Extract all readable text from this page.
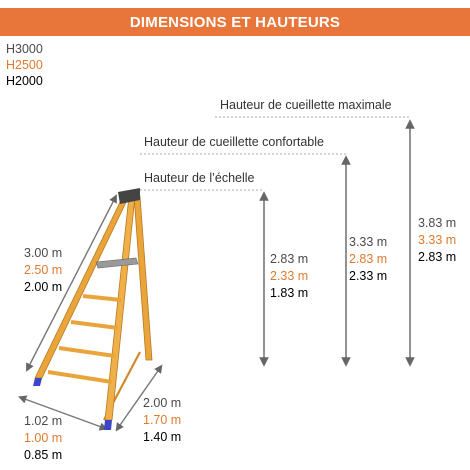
DIMENSIONS ET HAUTEURS
H3000
H2500
H2000
Hauteur de cueillette maximale
Hauteur de cueillette confortable
Hauteur de l’échelle
3.83 m
3.33 m
2.83 m
3.33 m
2.83 m
2.33 m
2.83 m
2.33 m
1.83 m
3.00 m
2.50 m
2.00 m
2.00 m
1.70 m
1.40 m
1.02 m
1.00 m
0.85 m
